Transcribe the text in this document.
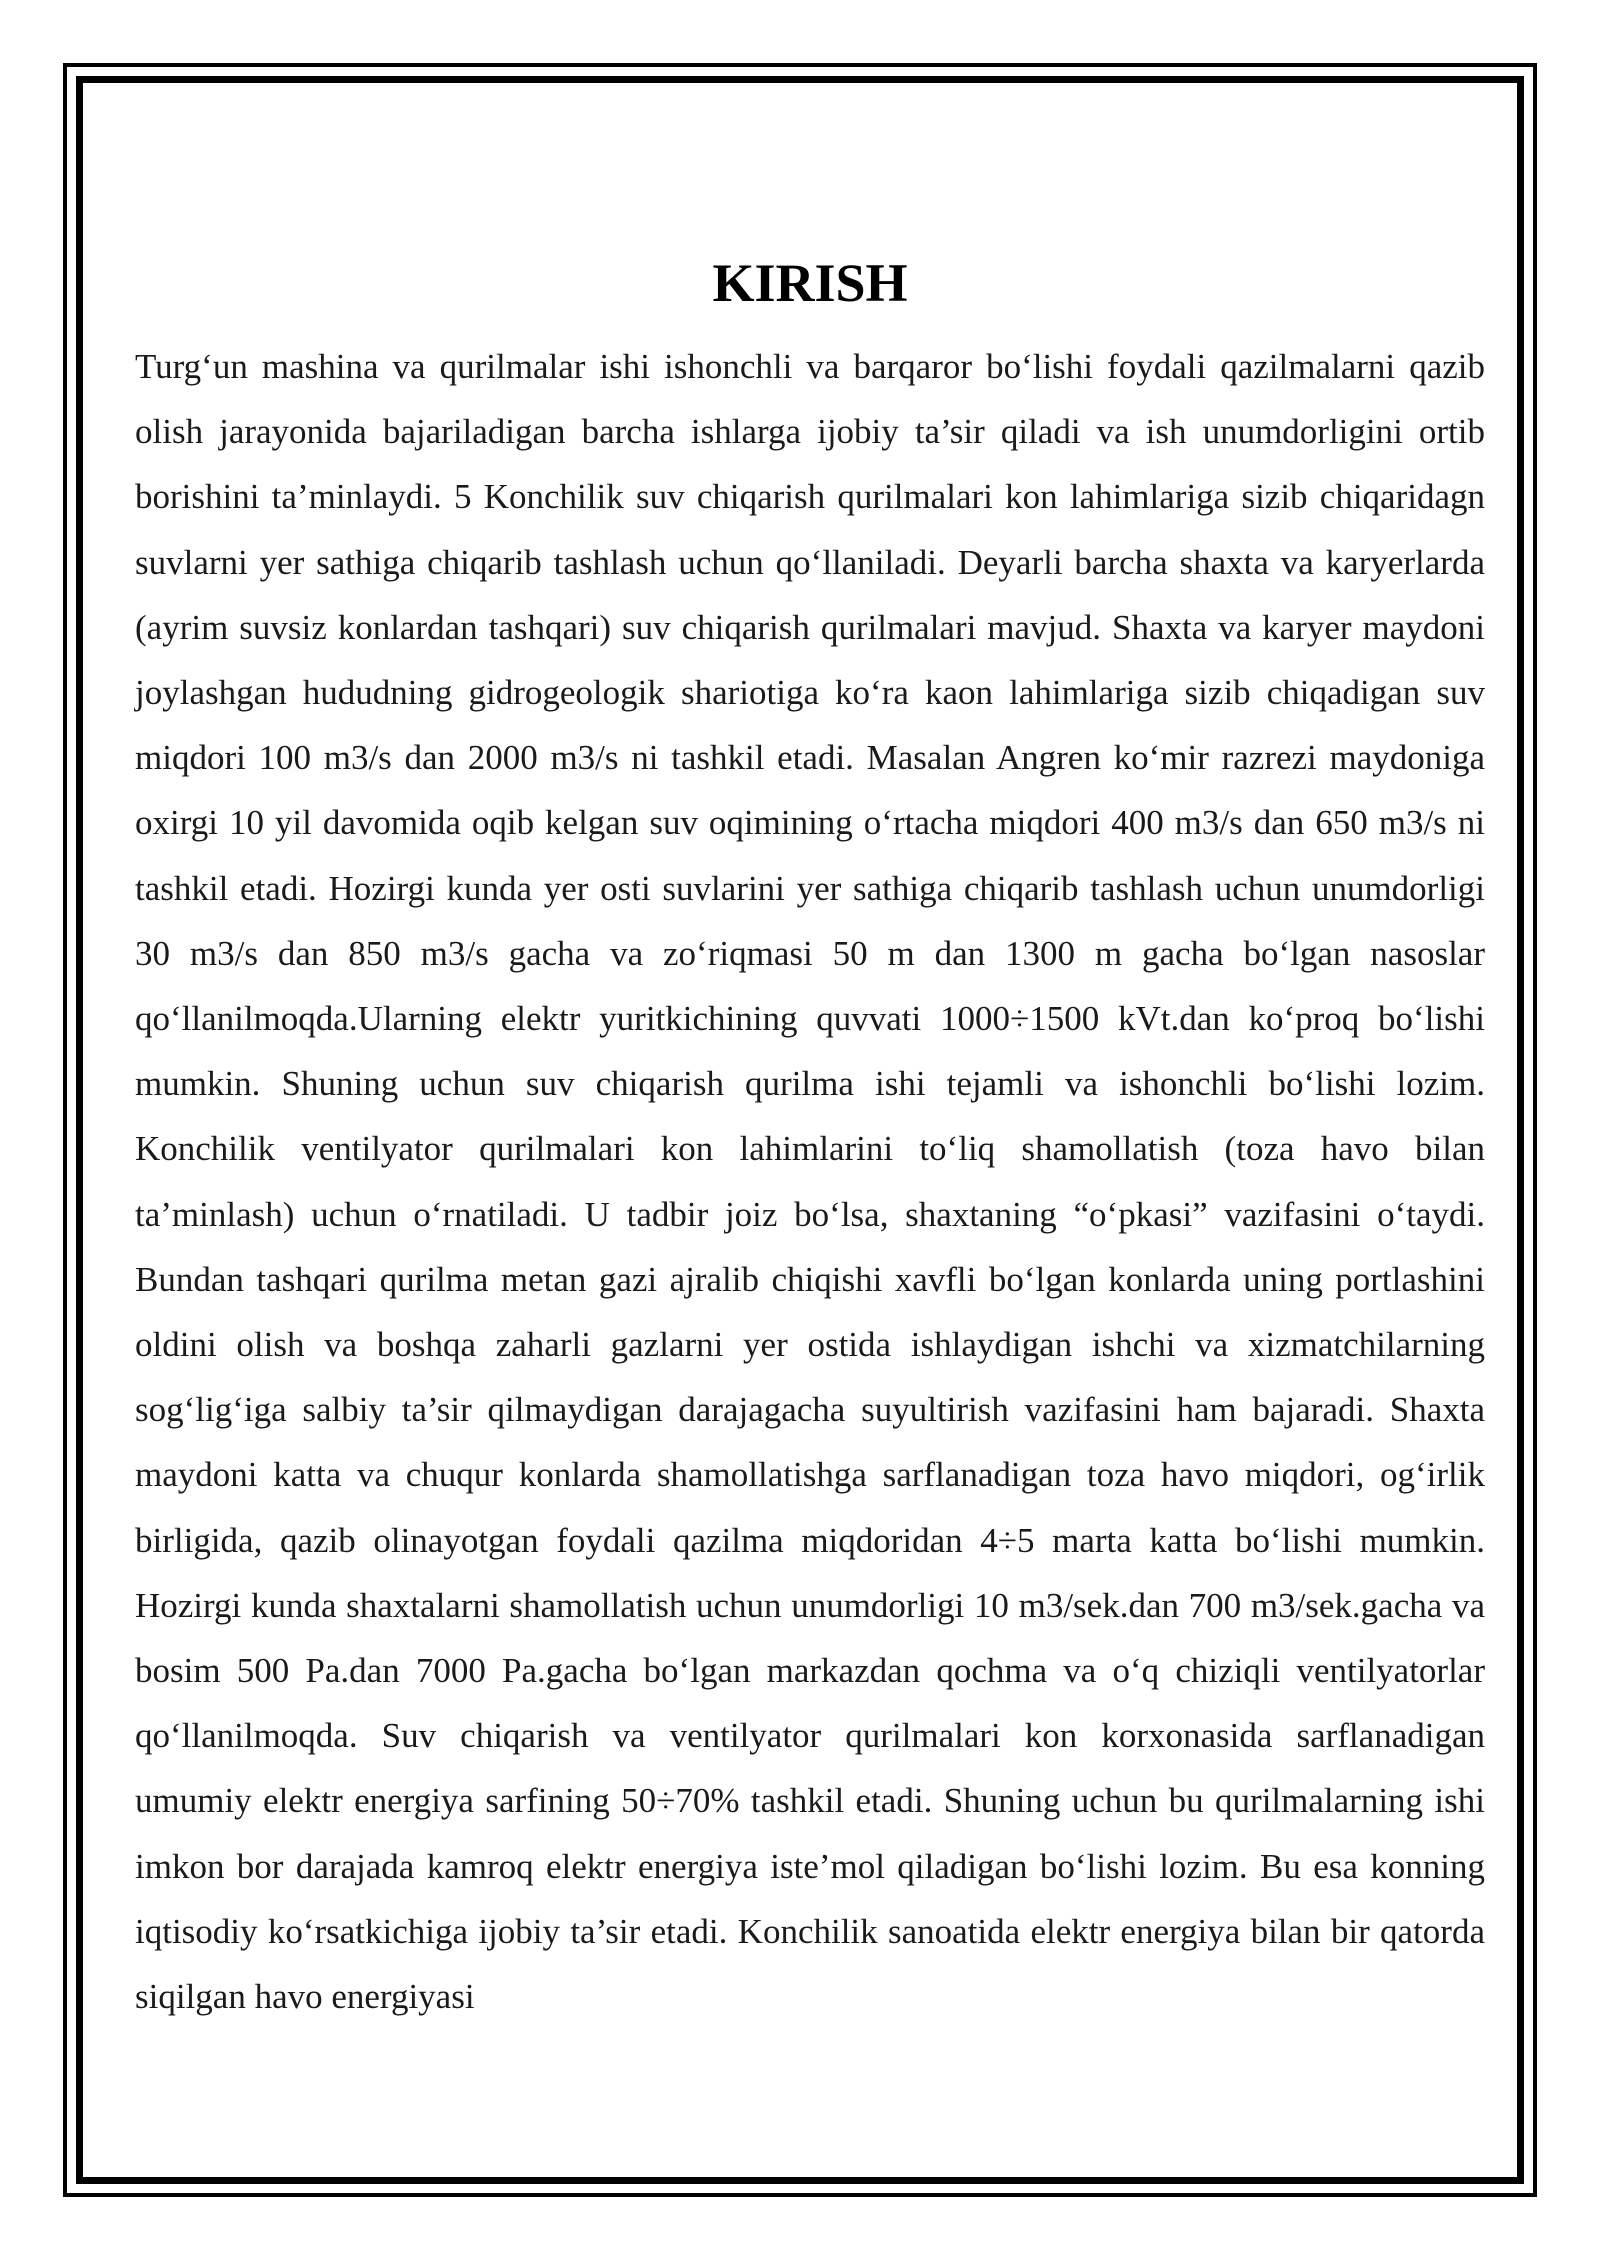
KIRISH

Turg‘un mashina va qurilmalar ishi ishonchli va barqaror bo‘lishi foydali qazilmalarni qazib olish jarayonida bajariladigan barcha ishlarga ijobiy ta’sir qiladi va ish unumdorligini ortib borishini ta’minlaydi. 5 Konchilik suv chiqarish qurilmalari kon lahimlariga sizib chiqaridagn suvlarni yer sathiga chiqarib tashlash uchun qo‘llaniladi. Deyarli barcha shaxta va karyerlarda (ayrim suvsiz konlardan tashqari) suv chiqarish qurilmalari mavjud. Shaxta va karyer maydoni joylashgan hududning gidrogeologik shariotiga ko‘ra kaon lahimlariga sizib chiqadigan suv miqdori 100 m3/s dan 2000 m3/s ni tashkil etadi. Masalan Angren ko‘mir razrezi maydoniga oxirgi 10 yil davomida oqib kelgan suv oqimining o‘rtacha miqdori 400 m3/s dan 650 m3/s ni tashkil etadi. Hozirgi kunda yer osti suvlarini yer sathiga chiqarib tashlash uchun unumdorligi 30 m3/s dan 850 m3/s gacha va zo‘riqmasi 50 m dan 1300 m gacha bo‘lgan nasoslar qo‘llanilmoqda.Ularning elektr yuritkichining quvvati 1000÷1500 kVt.dan ko‘proq bo‘lishi mumkin. Shuning uchun suv chiqarish qurilma ishi tejamli va ishonchli bo‘lishi lozim. Konchilik ventilyator qurilmalari kon lahimlarini to‘liq shamollatish (toza havo bilan ta’minlash) uchun o‘rnatiladi. U tadbir joiz bo‘lsa, shaxtaning “o‘pkasi” vazifasini o‘taydi. Bundan tashqari qurilma metan gazi ajralib chiqishi xavfli bo‘lgan konlarda uning portlashini oldini olish va boshqa zaharli gazlarni yer ostida ishlaydigan ishchi va xizmatchilarning sog‘lig‘iga salbiy ta’sir qilmaydigan darajagacha suyultirish vazifasini ham bajaradi. Shaxta maydoni katta va chuqur konlarda shamollatishga sarflanadigan toza havo miqdori, og‘irlik birligida, qazib olinayotgan foydali qazilma miqdoridan 4÷5 marta katta bo‘lishi mumkin. Hozirgi kunda shaxtalarni shamollatish uchun unumdorligi 10 m3/sek.dan 700 m3/sek.gacha va bosim 500 Pa.dan 7000 Pa.gacha bo‘lgan markazdan qochma va o‘q chiziqli ventilyatorlar qo‘llanilmoqda. Suv chiqarish va ventilyator qurilmalari kon korxonasida sarflanadigan umumiy elektr energiya sarfining 50÷70% tashkil etadi. Shuning uchun bu qurilmalarning ishi imkon bor darajada kamroq elektr energiya iste’mol qiladigan bo‘lishi lozim. Bu esa konning iqtisodiy ko‘rsatkichiga ijobiy ta’sir etadi. Konchilik sanoatida elektr energiya bilan bir qatorda siqilgan havo energiyasi
